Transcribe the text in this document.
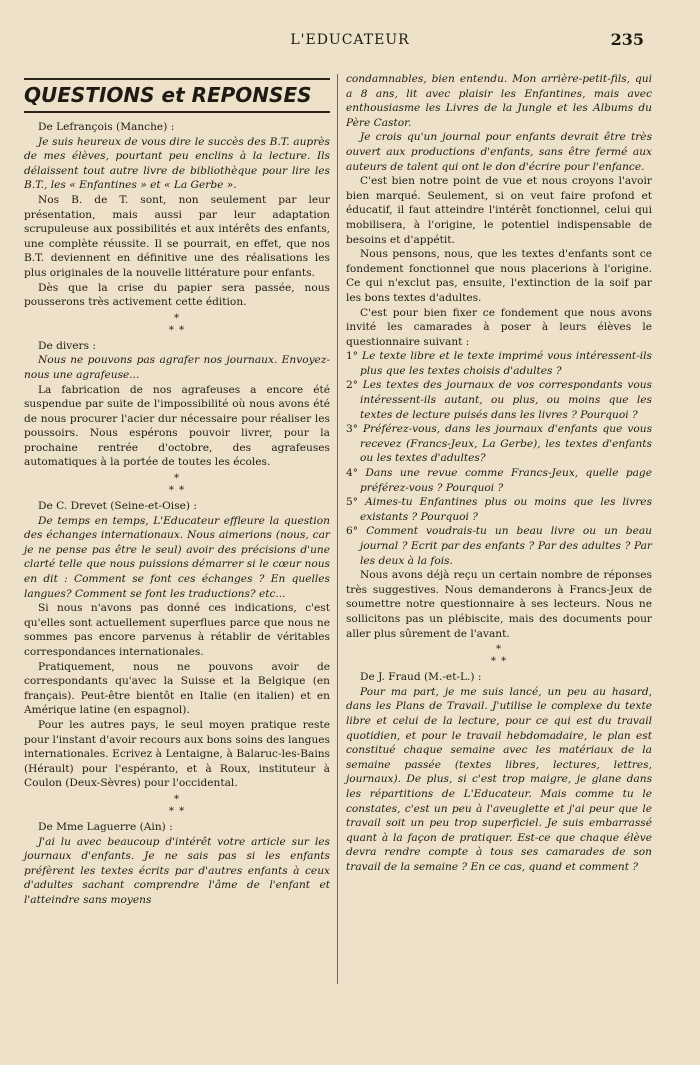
L'EDUCATEUR	235
QUESTIONS et REPONSES

De Lefrançois (Manche) :

Je suis heureux de vous dire le succès des B.T. auprès de mes élèves, pourtant peu enclins à la lecture. Ils délaissent tout autre livre de bibliothèque pour lire les B.T., les « Enfantines » et « La Gerbe ».

Nos B. de T. sont, non seulement par leur présentation, mais aussi par leur adaptation scrupuleuse aux possibilités et aux intérêts des enfants, une complète réussite. Il se pourrait, en effet, que nos B.T. deviennent en définitive une des réalisations les plus originales de la nouvelle littérature pour enfants.

Dès que la crise du papier sera passée, nous pousserons très activement cette édition.

*
* *

De divers :

Nous ne pouvons pas agrafer nos journaux. Envoyez-nous une agrafeuse...

La fabrication de nos agrafeuses a encore été suspendue par suite de l'impossibilité où nous avons été de nous procurer l'acier dur nécessaire pour réaliser les poussoirs. Nous espérons pouvoir livrer, pour la prochaine rentrée d'octobre, des agrafeuses automatiques à la portée de toutes les écoles.

*
* *

De C. Drevet (Seine-et-Oise) :

De temps en temps, L'Educateur effleure la question des échanges internationaux. Nous aimerions (nous, car je ne pense pas être le seul) avoir des précisions d'une clarté telle que nous puissions démarrer si le cœur nous en dit : Comment se font ces échanges ? En quelles langues? Comment se font les traductions? etc...

Si nous n'avons pas donné ces indications, c'est qu'elles sont actuellement superflues parce que nous ne sommes pas encore parvenus à rétablir de véritables correspondances internationales.

Pratiquement, nous ne pouvons avoir de correspondants qu'avec la Suisse et la Belgique (en français). Peut-être bientôt en Italie (en italien) et en Amérique latine (en espagnol).

Pour les autres pays, le seul moyen pratique reste pour l'instant d'avoir recours aux bons soins des langues internationales. Ecrivez à Lentaigne, à Balaruc-les-Bains (Hérault) pour l'espéranto, et à Roux, instituteur à Coulon (Deux-Sèvres) pour l'occidental.

*
* *

De Mme Laguerre (Ain) :

J'ai lu avec beaucoup d'intérêt votre article sur les journaux d'enfants. Je ne sais pas si les enfants préfèrent les textes écrits par d'autres enfants à ceux d'adultes sachant comprendre l'âme de l'enfant et l'atteindre sans moyens

condamnables, bien entendu. Mon arrière-petit-fils, qui a 8 ans, lit avec plaisir les Enfantines, mais avec enthousiasme les Livres de la Jungle et les Albums du Père Castor.

Je crois qu'un journal pour enfants devrait être très ouvert aux productions d'enfants, sans être fermé aux auteurs de talent qui ont le don d'écrire pour l'enfance.

C'est bien notre point de vue et nous croyons l'avoir bien marqué. Seulement, si on veut faire profond et éducatif, il faut atteindre l'intérêt fonctionnel, celui qui mobilisera, à l'origine, le potentiel indispensable de besoins et d'appétit.

Nous pensons, nous, que les textes d'enfants sont ce fondement fonctionnel que nous placerions à l'origine. Ce qui n'exclut pas, ensuite, l'extinction de la soif par les bons textes d'adultes.

C'est pour bien fixer ce fondement que nous avons invité les camarades à poser à leurs élèves le questionnaire suivant :

1° Le texte libre et le texte imprimé vous intéressent-ils plus que les textes choisis d'adultes ?

2° Les textes des journaux de vos correspondants vous intéressent-ils autant, ou plus, ou moins que les textes de lecture puisés dans les livres ? Pourquoi ?

3° Préférez-vous, dans les journaux d'enfants que vous recevez (Francs-Jeux, La Gerbe), les textes d'enfants ou les textes d'adultes?

4° Dans une revue comme Francs-Jeux, quelle page préférez-vous ? Pourquoi ?

5° Aimes-tu Enfantines plus ou moins que les livres existants ? Pourquoi ?

6° Comment voudrais-tu un beau livre ou un beau journal ? Ecrit par des enfants ? Par des adultes ? Par les deux à la fois.

Nous avons déjà reçu un certain nombre de réponses très suggestives. Nous demanderons à Francs-Jeux de soumettre notre questionnaire à ses lecteurs. Nous ne sollicitons pas un plébiscite, mais des documents pour aller plus sûrement de l'avant.

*
* *

De J. Fraud (M.-et-L.) :

Pour ma part, je me suis lancé, un peu au hasard, dans les Plans de Travail. J'utilise le complexe du texte libre et celui de la lecture, pour ce qui est du travail quotidien, et pour le travail hebdomadaire, le plan est constitué chaque semaine avec les matériaux de la semaine passée (textes libres, lectures, lettres, journaux). De plus, si c'est trop maigre, je glane dans les répartitions de L'Educateur. Mais comme tu le constates, c'est un peu à l'aveuglette et j'ai peur que le travail soit un peu trop superficiel. Je suis embarrassé quant à la façon de pratiquer. Est-ce que chaque élève devra rendre compte à tous ses camarades de son travail de la semaine ? En ce cas, quand et comment ?
